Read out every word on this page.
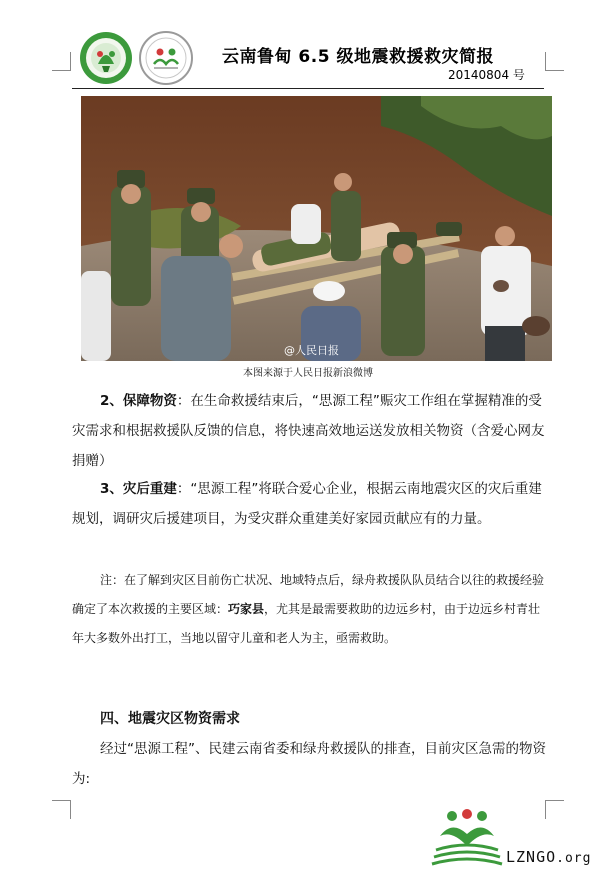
云南鲁甸 6.5 级地震救援救灾简报
20140804 号
@人民日报
本图来源于人民日报新浪微博

2、保障物资：在生命救援结束后，“思源工程”赈灾工作组在掌握精准的受灾需求和根据救援队反馈的信息，将快速高效地运送发放相关物资（含爱心网友捐赠）

3、灾后重建：“思源工程”将联合爱心企业，根据云南地震灾区的灾后重建规划，调研灾后援建项目，为受灾群众重建美好家园贡献应有的力量。

注：在了解到灾区目前伤亡状况、地域特点后，绿舟救援队队员结合以往的救援经验确定了本次救援的主要区域：巧家县，尤其是最需要救助的边远乡村，由于边远乡村青壮年大多数外出打工，当地以留守儿童和老人为主，亟需救助。

四、地震灾区物资需求

经过“思源工程”、民建云南省委和绿舟救援队的排查，目前灾区急需的物资为:

LZNGO.org
